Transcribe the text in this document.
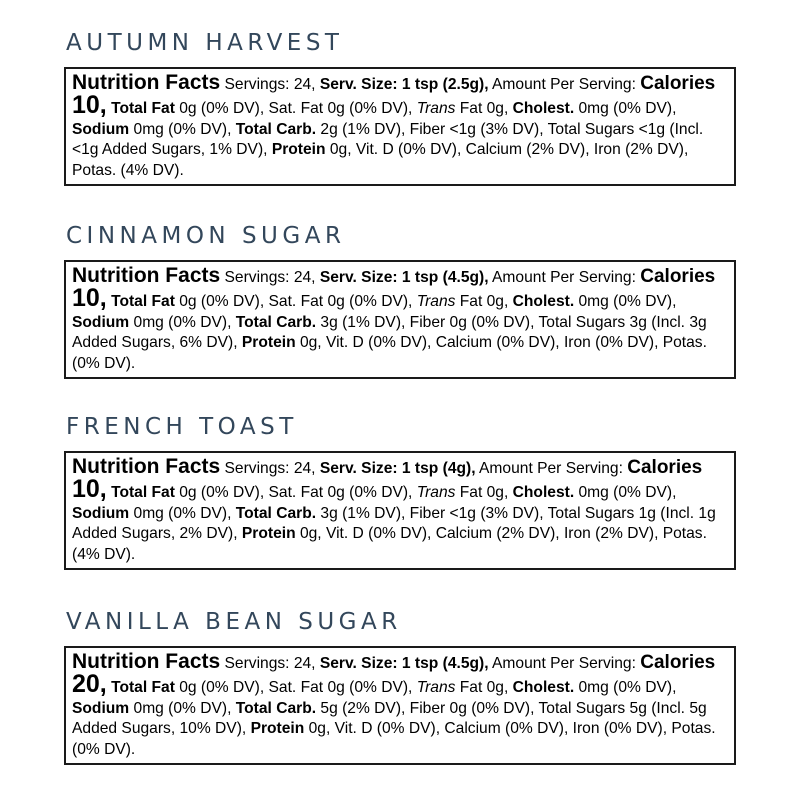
AUTUMN HARVEST
Nutrition Facts Servings: 24, Serv. Size: 1 tsp (2.5g), Amount Per Serving: Calories 10, Total Fat 0g (0% DV), Sat. Fat 0g (0% DV), Trans Fat 0g, Cholest. 0mg (0% DV), Sodium 0mg (0% DV), Total Carb. 2g (1% DV), Fiber <1g (3% DV), Total Sugars <1g (Incl. <1g Added Sugars, 1% DV), Protein 0g, Vit. D (0% DV), Calcium (2% DV), Iron (2% DV), Potas. (4% DV).
CINNAMON SUGAR
Nutrition Facts Servings: 24, Serv. Size: 1 tsp (4.5g), Amount Per Serving: Calories 10, Total Fat 0g (0% DV), Sat. Fat 0g (0% DV), Trans Fat 0g, Cholest. 0mg (0% DV), Sodium 0mg (0% DV), Total Carb. 3g (1% DV), Fiber 0g (0% DV), Total Sugars 3g (Incl. 3g Added Sugars, 6% DV), Protein 0g, Vit. D (0% DV), Calcium (0% DV), Iron (0% DV), Potas. (0% DV).
FRENCH TOAST
Nutrition Facts Servings: 24, Serv. Size: 1 tsp (4g), Amount Per Serving: Calories 10, Total Fat 0g (0% DV), Sat. Fat 0g (0% DV), Trans Fat 0g, Cholest. 0mg (0% DV), Sodium 0mg (0% DV), Total Carb. 3g (1% DV), Fiber <1g (3% DV), Total Sugars 1g (Incl. 1g Added Sugars, 2% DV), Protein 0g, Vit. D (0% DV), Calcium (2% DV), Iron (2% DV), Potas. (4% DV).
VANILLA BEAN SUGAR
Nutrition Facts Servings: 24, Serv. Size: 1 tsp (4.5g), Amount Per Serving: Calories 20, Total Fat 0g (0% DV), Sat. Fat 0g (0% DV), Trans Fat 0g, Cholest. 0mg (0% DV), Sodium 0mg (0% DV), Total Carb. 5g (2% DV), Fiber 0g (0% DV), Total Sugars 5g (Incl. 5g Added Sugars, 10% DV), Protein 0g, Vit. D (0% DV), Calcium (0% DV), Iron (0% DV), Potas. (0% DV).
